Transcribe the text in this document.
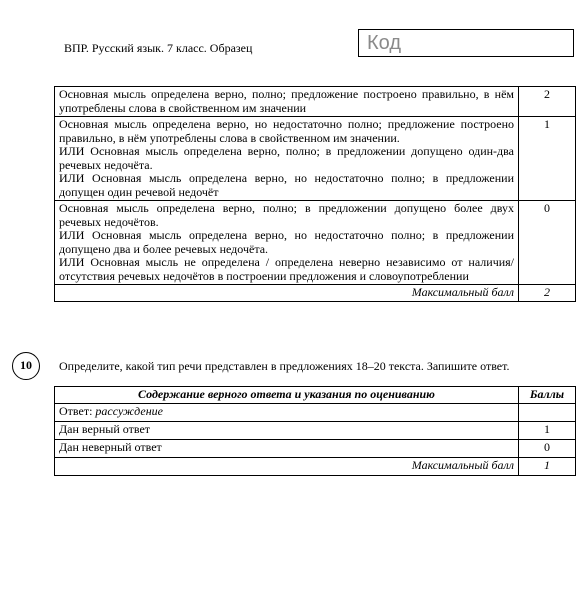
ВПР. Русский язык. 7 класс. Образец	Код

Основная мысль определена верно, полно; предложение построено правильно, в нём употреблены слова в свойственном им значении	2

Основная мысль определена верно, но недостаточно полно; предложение построено правильно, в нём употреблены слова в свойственном им значении.

ИЛИ Основная мысль определена верно, полно; в предложении допущено один-два речевых недочёта.

ИЛИ Основная мысль определена верно, но недостаточно полно; в предложении допущен один речевой недочёт	1

Основная мысль определена верно, полно; в предложении допущено более двух речевых недочётов.

ИЛИ Основная мысль определена верно, но недостаточно полно; в предложении допущено два и более речевых недочёта.

ИЛИ Основная мысль не определена / определена неверно независимо от наличия/отсутствия речевых недочётов в построении предложения и словоупотреблении	0
Максимальный балл	2
10	Определите, какой тип речи представлен в предложениях 18–20 текста. Запишите ответ.
Содержание верного ответа и указания по оцениванию	Баллы
Ответ: рассуждение	
Дан верный ответ	1
Дан неверный ответ	0
Максимальный балл	1
